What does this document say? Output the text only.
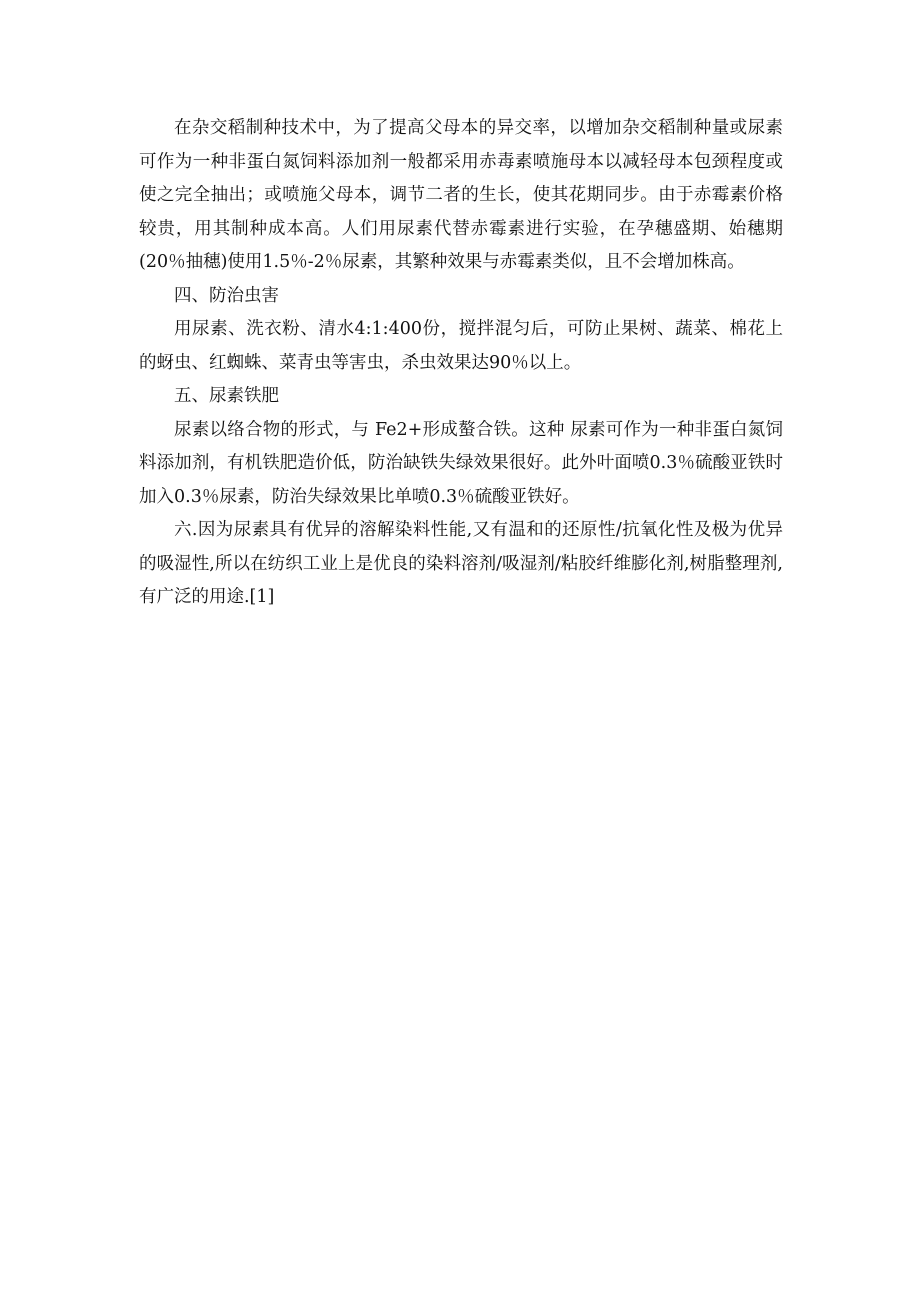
在杂交稻制种技术中，为了提高父母本的异交率，以增加杂交稻制种量或尿素可作为一种非蛋白氮饲料添加剂一般都采用赤毒素喷施母本以减轻母本包颈程度或使之完全抽出；或喷施父母本，调节二者的生长，使其花期同步。由于赤霉素价格较贵，用其制种成本高。人们用尿素代替赤霉素进行实验，在孕穗盛期、始穗期(20％抽穗)使用1.5％-2％尿素，其繁种效果与赤霉素类似，且不会增加株高。

四、防治虫害

用尿素、洗衣粉、清水4:1:400份，搅拌混匀后，可防止果树、蔬菜、棉花上的蚜虫、红蜘蛛、菜青虫等害虫，杀虫效果达90％以上。

五、尿素铁肥

尿素以络合物的形式，与 Fe2+形成螯合铁。这种 尿素可作为一种非蛋白氮饲料添加剂，有机铁肥造价低，防治缺铁失绿效果很好。此外叶面喷0.3％硫酸亚铁时加入0.3％尿素，防治失绿效果比单喷0.3％硫酸亚铁好。

六.因为尿素具有优异的溶解染料性能,又有温和的还原性/抗氧化性及极为优异的吸湿性,所以在纺织工业上是优良的染料溶剂/吸湿剂/粘胶纤维膨化剂,树脂整理剂,有广泛的用途.[1]
